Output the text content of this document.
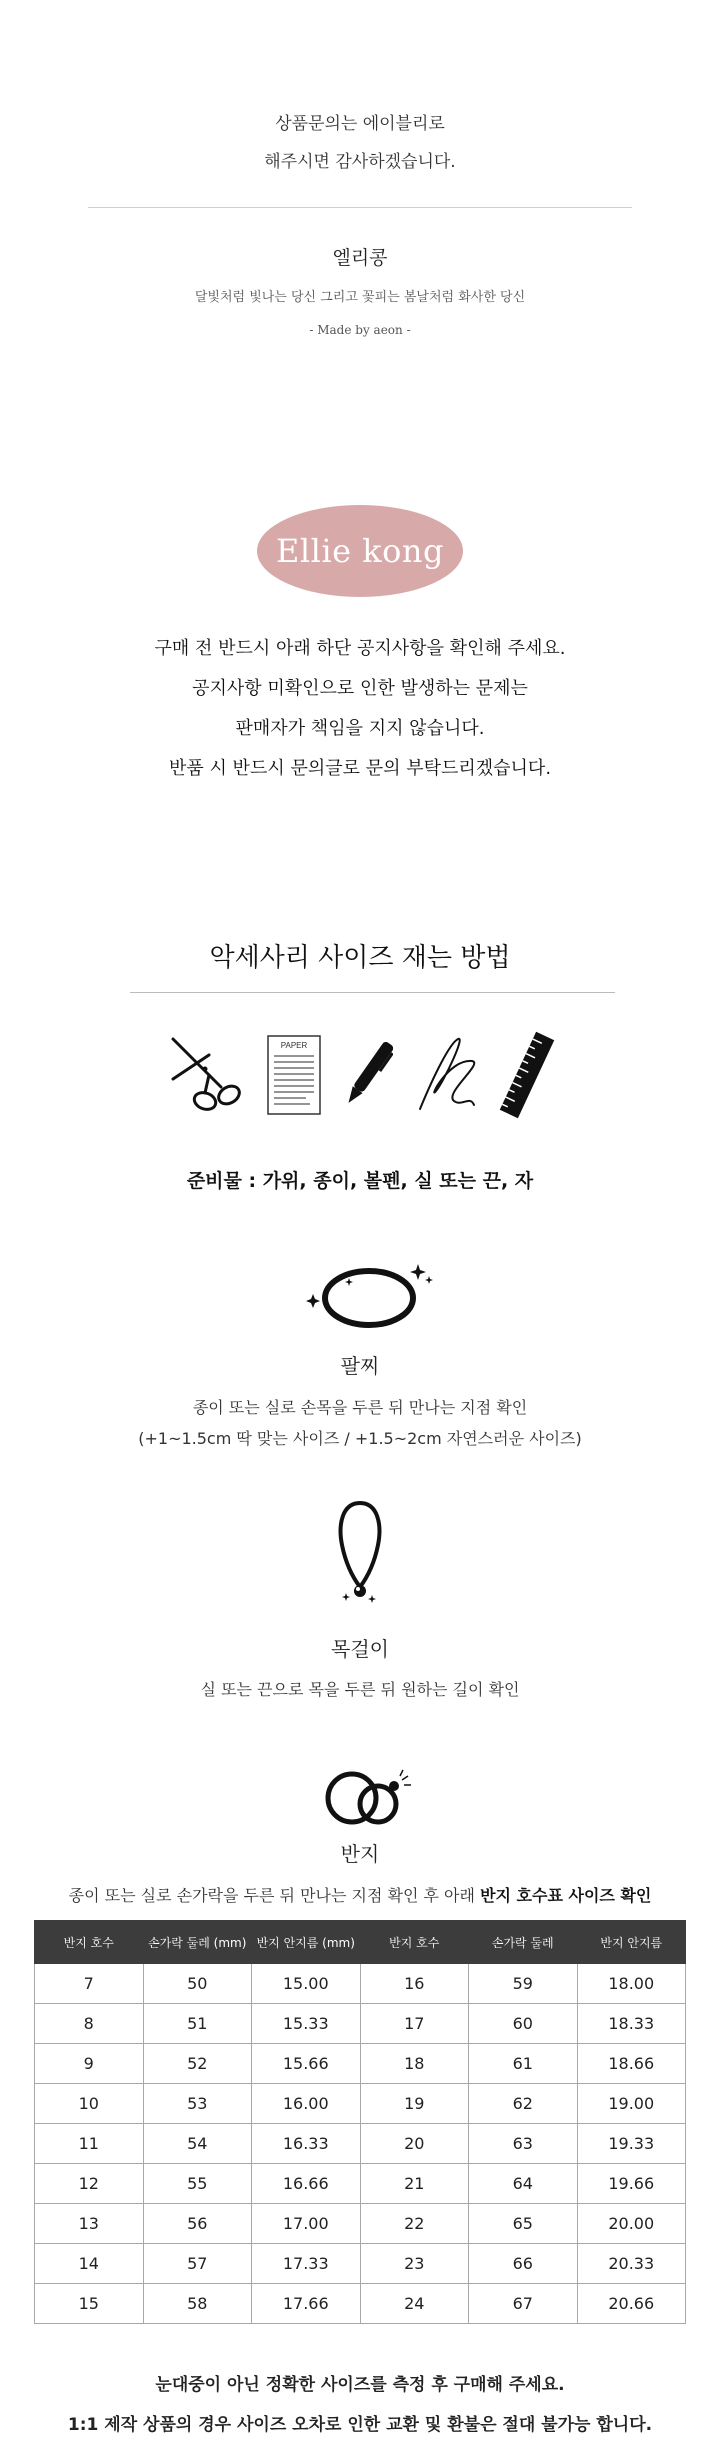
상품문의는 에이블리로
해주시면 감사하겠습니다.
엘리콩
달빛처럼 빛나는 당신 그리고 꽃피는 봄날처럼 화사한 당신
- Made by aeon -
Ellie kong
구매 전 반드시 아래 하단 공지사항을 확인해 주세요.
공지사항 미확인으로 인한 발생하는 문제는
판매자가 책임을 지지 않습니다.
반품 시 반드시 문의글로 문의 부탁드리겠습니다.
악세사리 사이즈 재는 방법
PAPER
준비물 : 가위, 종이, 볼펜, 실 또는 끈, 자
팔찌
종이 또는 실로 손목을 두른 뒤 만나는 지점 확인
(+1~1.5cm 딱 맞는 사이즈 / +1.5~2cm 자연스러운 사이즈)
목걸이
실 또는 끈으로 목을 두른 뒤 원하는 길이 확인
반지
종이 또는 실로 손가락을 두른 뒤 만나는 지점 확인 후 아래 반지 호수표 사이즈 확인
반지 호수	손가락 둘레 (mm)	반지 안지름 (mm)	반지 호수	손가락 둘레	반지 안지름
7	50	15.00	16	59	18.00
8	51	15.33	17	60	18.33
9	52	15.66	18	61	18.66
10	53	16.00	19	62	19.00
11	54	16.33	20	63	19.33
12	55	16.66	21	64	19.66
13	56	17.00	22	65	20.00
14	57	17.33	23	66	20.33
15	58	17.66	24	67	20.66
눈대중이 아닌 정확한 사이즈를 측정 후 구매해 주세요.
1:1 제작 상품의 경우 사이즈 오차로 인한 교환 및 환불은 절대 불가능 합니다.
